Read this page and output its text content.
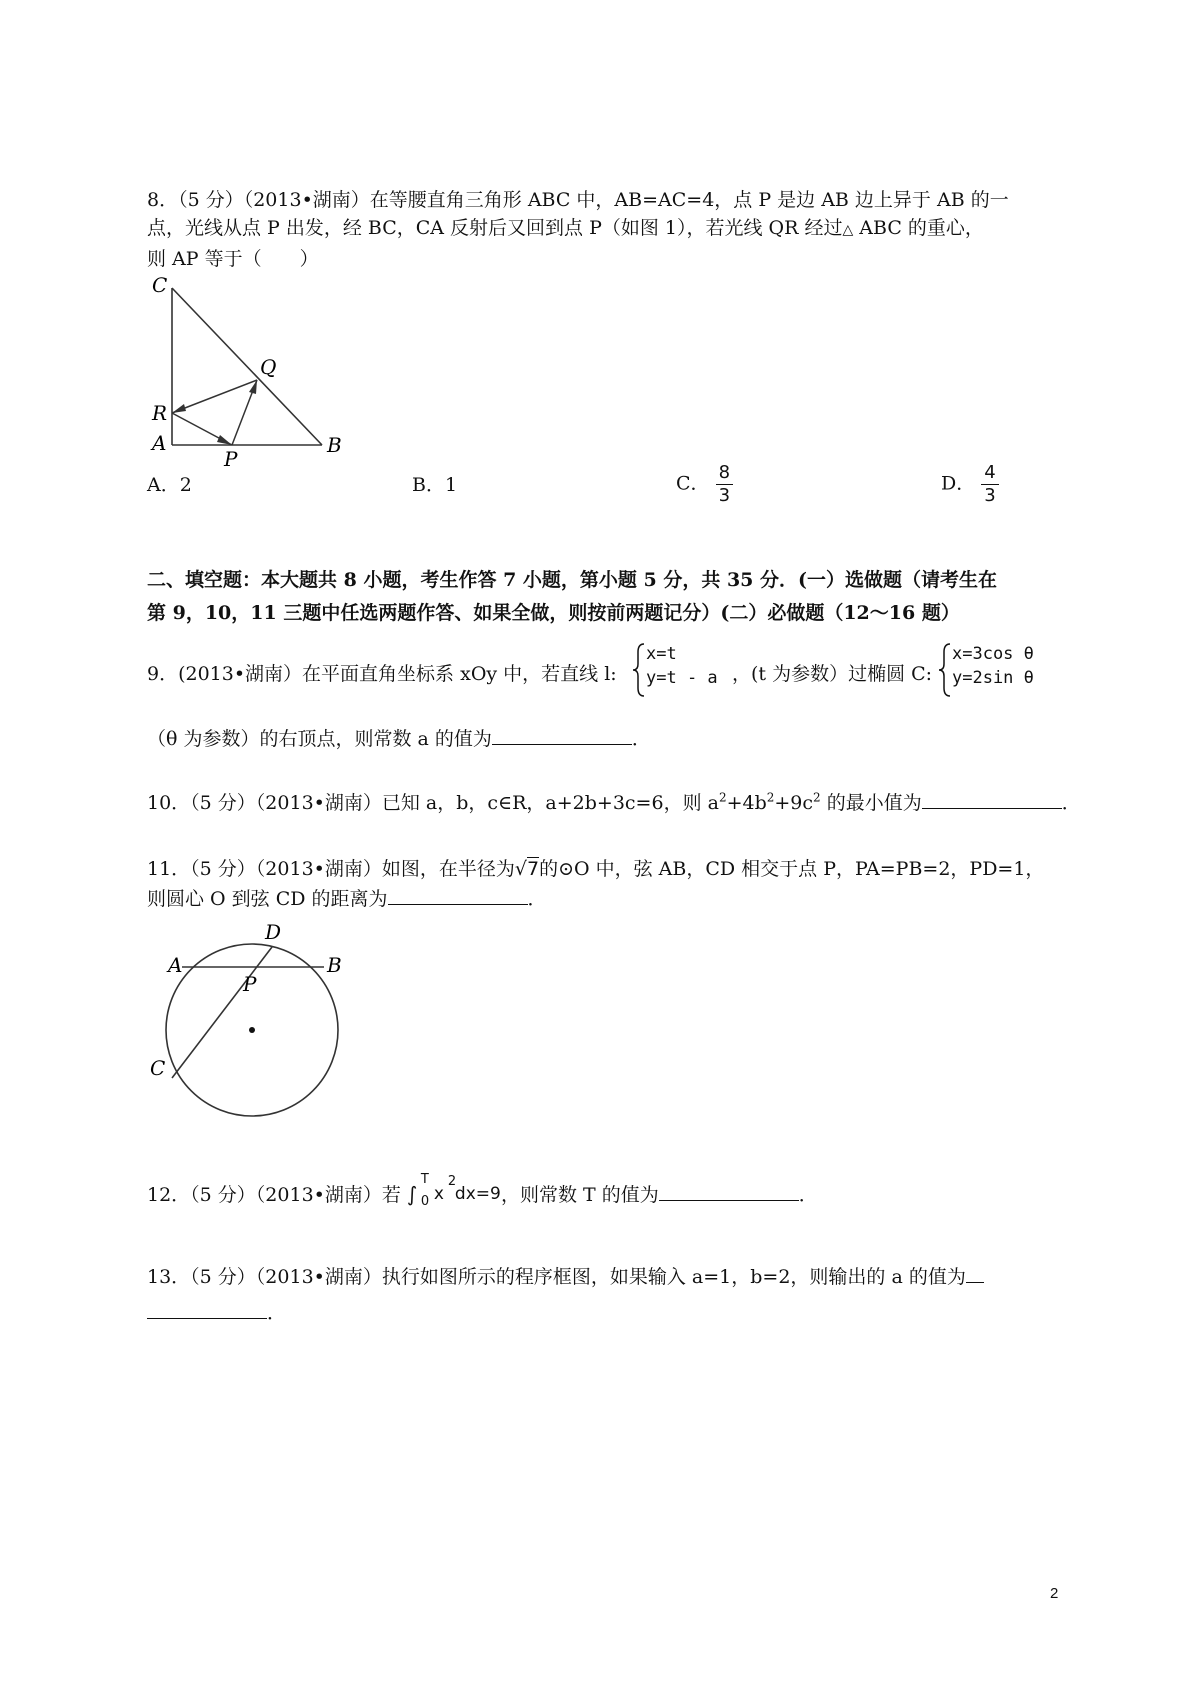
8．（5 分）（2013•湖南）在等腰直角三角形 ABC 中，AB=AC=4，点 P 是边 AB 边上异于 AB 的一
点，光线从点 P 出发，经 BC，CA 反射后又回到点 P（如图 1），若光线 QR 经过△ ABC 的重心，
则 AP 等于（　　）
C
Q
R
A
P
B
A．2	B．1	C． $\frac{8}{3}$	D． $\frac{4}{3}$
二、填空题：本大题共 8 小题，考生作答 7 小题，第小题 5 分，共 35 分．(一）选做题（请考生在
第 9，10，11 三题中任选两题作答、如果全做，则按前两题记分）(二）必做题（12～16 题）
9．(2013•湖南）在平面直角坐标系 xOy 中，若直线 l:
x=t
y=t - a ，(t 为参数）过椭圆 C:
x=3cos θ
y=2sin θ
（θ 为参数）的右顶点，则常数 a 的值为	．
10．（5 分）（2013•湖南）已知 a，b，c∈R，a+2b+3c=6，则 $a^2+4b^2+9c^2$ 的最小值为	．
11．（5 分）（2013•湖南）如图，在半径为√7的⊙O 中，弦 AB，CD 相交于点 P，PA=PB=2，PD=1，
则圆心 O 到弦 CD 的距离为	．
D
A	B
P
C
12．（5 分）（2013•湖南）若 ∫
T
0 x
2
dx=9 ，则常数 T 的值为	．
13．（5 分）（2013•湖南）执行如图所示的程序框图，如果输入 a=1，b=2，则输出的 a 的值为
．
2
